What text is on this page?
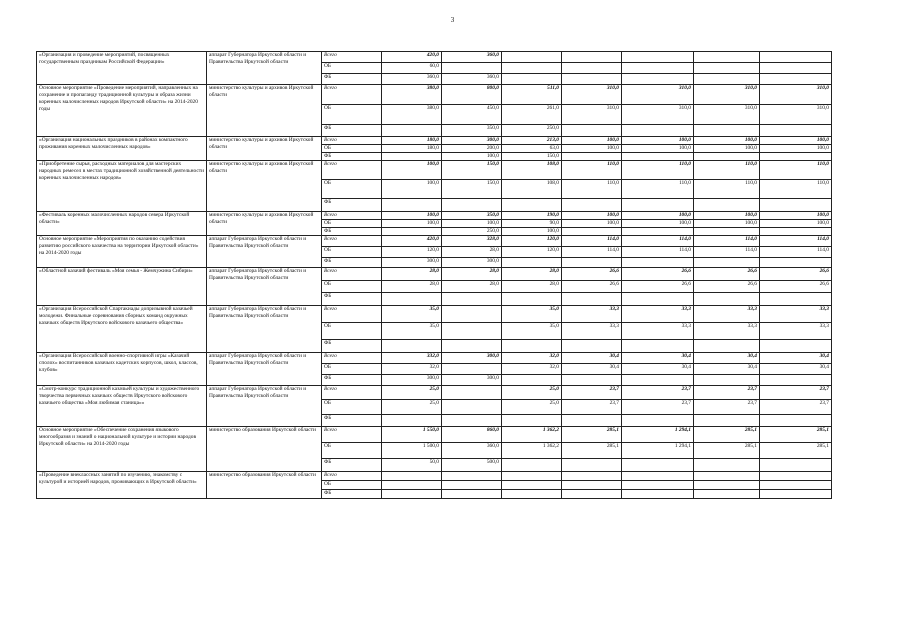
3
«Организация и проведение мероприятий, посвященных государственным праздникам Российской Федерации»	аппарат Губернатора Иркутской области и Правительства Иркутской области	Всего	420,0	360,0					
		ОБ	60,0						
		ФБ	360,0	360,0					
Основное мероприятие «Проведение мероприятий, направленных на сохранение и пропаганду традиционной культуры и образа жизни коренных малочисленных народов Иркутской области» на 2014-2020 годы	министерство культуры и архивов Иркутской области	Всего	380,0	800,0	511,0	310,0	310,0	310,0	310,0
		ОБ	380,0	450,0	261,0	310,0	310,0	310,0	310,0
		ФБ		350,0	250,0				
«Организация национальных праздников в районах компактного проживания коренных малочисленных народов»	министерство культуры и архивов Иркутской области	Всего	180,0	300,0	213,0	100,0	100,0	100,0	100,0
		ОБ	180,0	200,0	63,0	100,0	100,0	100,0	100,0
		ФБ		100,0	150,0				
«Приобретение сырья, расходных материалов для мастерских народных ремесел в местах традиционной хозяйственной деятельности коренных малочисленных народов»	министерство культуры и архивов Иркутской области	Всего	100,0	150,0	108,0	110,0	110,0	110,0	110,0
		ОБ	100,0	150,0	108,0	110,0	110,0	110,0	110,0
		ФБ							
«Фестиваль коренных малочисленных народов севера Иркутской области»	министерство культуры и архивов Иркутской области	Всего	100,0	350,0	190,0	100,0	100,0	100,0	100,0
		ОБ	100,0	100,0	90,0	100,0	100,0	100,0	100,0
		ФБ		250,0	100,0				
Основное мероприятие «Мероприятия по оказанию содействия развитию российского казачества на территории Иркутской области» на 2014-2020 годы	аппарат Губернатора Иркутской области и Правительства Иркутской области	Всего	420,0	328,0	120,0	114,0	114,0	114,0	114,0
		ОБ	120,0	28,0	120,0	114,0	114,0	114,0	114,0
		ФБ	300,0	300,0					
«Областной казачий фестиваль «Моя семья - Жемчужина Сибири»	аппарат Губернатора Иркутской области и Правительства Иркутской области	Всего	28,0	28,0	28,0	26,6	26,6	26,6	26,6
		ОБ	28,0	28,0	28,0	26,6	26,6	26,6	26,6
		ФБ							
«Организация Всероссийской Спартакиады допризывной казачьей молодежи. Финальные соревнования сборных команд окружных казачьих обществ Иркутского войскового казачьего общества»	аппарат Губернатора Иркутской области и Правительства Иркутской области	Всего	35,0		35,0	33,3	33,3	33,3	33,3
		ОБ	35,0		35,0	33,3	33,3	33,3	33,3
		ФБ							
«Организация Всероссийской военно-спортивной игры «Казачий сполох» воспитанников казачьих кадетских корпусов, школ, классов, клубов»	аппарат Губернатора Иркутской области и Правительства Иркутской области	Всего	332,0	300,0	32,0	30,4	30,4	30,4	30,4
		ОБ	32,0		32,0	30,4	30,4	30,4	30,4
		ФБ	300,0	300,0					
«Смотр-конкурс традиционной казачьей культуры и художественного творчества первичных казачьих обществ Иркутского войскового казачьего общества «Моя любимая станица»»	аппарат Губернатора Иркутской области и Правительства Иркутской области	Всего	25,0		25,0	23,7	23,7	23,7	23,7
		ОБ	25,0		25,0	23,7	23,7	23,7	23,7
		ФБ							
Основное мероприятие «Обеспечение сохранения языкового многообразия и знаний о национальной культуре и истории народов Иркутской области» на 2014-2020 годы	министерство образования Иркутской области	Всего	1 550,0	860,0	1 362,2	285,1	1 294,1	285,1	285,1
		ОБ	1 500,0	360,0	1 362,2	285,1	1 294,1	285,1	285,1
		ФБ	50,0	500,0					
«Проведение внеклассных занятий по изучению, знакомству с культурой и историей народов, проживающих в Иркутской области»	министерство образования Иркутской области	Всего							
		ОБ							
		ФБ							
